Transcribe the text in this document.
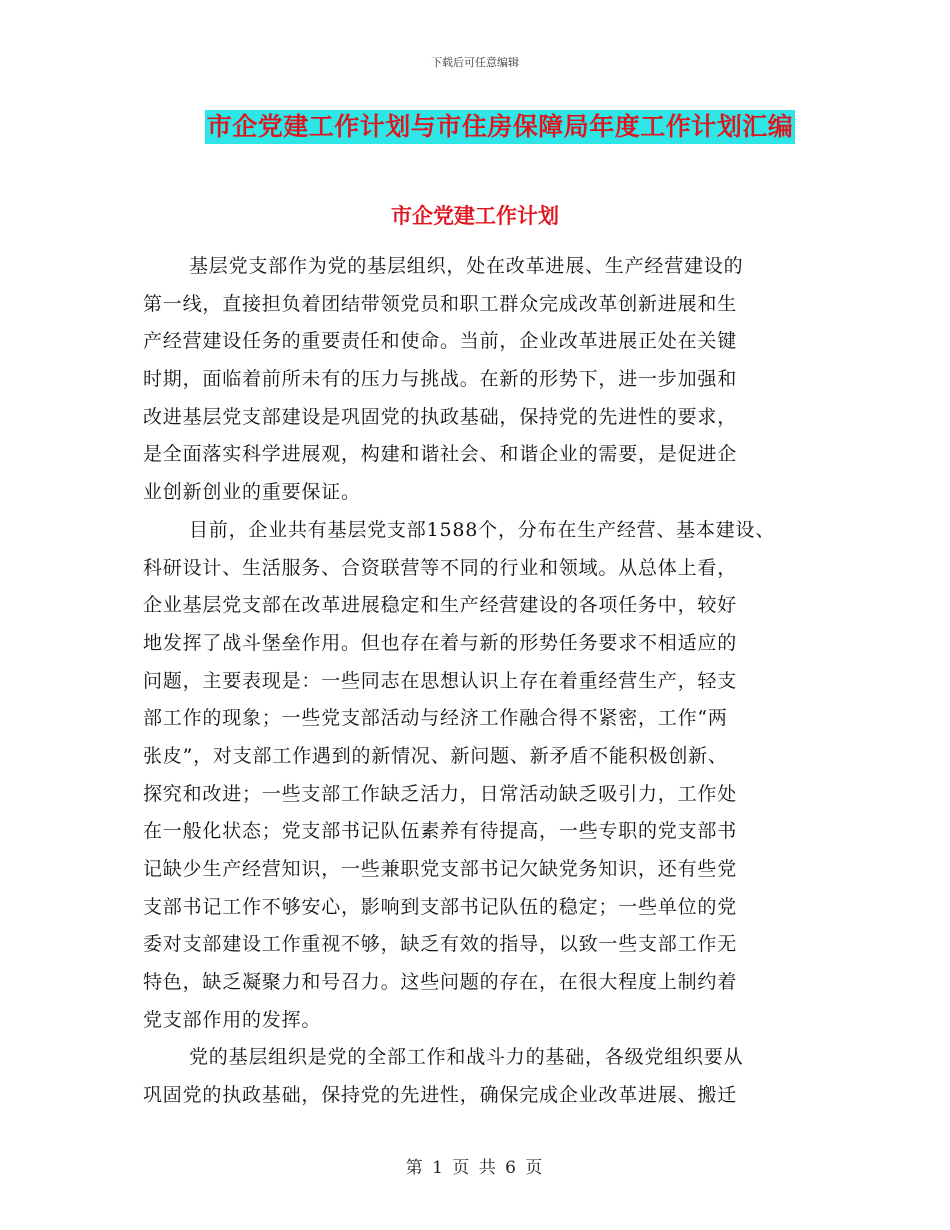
下载后可任意编辑
市企党建工作计划与市住房保障局年度工作计划汇编
市企党建工作计划
基层党支部作为党的基层组织，处在改革进展、生产经营建设的
第一线，直接担负着团结带领党员和职工群众完成改革创新进展和生
产经营建设任务的重要责任和使命。当前，企业改革进展正处在关键
时期，面临着前所未有的压力与挑战。在新的形势下，进一步加强和
改进基层党支部建设是巩固党的执政基础，保持党的先进性的要求，
是全面落实科学进展观，构建和谐社会、和谐企业的需要，是促进企
业创新创业的重要保证。
目前，企业共有基层党支部1588个，分布在生产经营、基本建设、
科研设计、生活服务、合资联营等不同的行业和领域。从总体上看，
企业基层党支部在改革进展稳定和生产经营建设的各项任务中，较好
地发挥了战斗堡垒作用。但也存在着与新的形势任务要求不相适应的
问题，主要表现是：一些同志在思想认识上存在着重经营生产，轻支
部工作的现象；一些党支部活动与经济工作融合得不紧密，工作“两
张皮”，对支部工作遇到的新情况、新问题、新矛盾不能积极创新、
探究和改进；一些支部工作缺乏活力，日常活动缺乏吸引力，工作处
在一般化状态；党支部书记队伍素养有待提高，一些专职的党支部书
记缺少生产经营知识，一些兼职党支部书记欠缺党务知识，还有些党
支部书记工作不够安心，影响到支部书记队伍的稳定；一些单位的党
委对支部建设工作重视不够，缺乏有效的指导，以致一些支部工作无
特色，缺乏凝聚力和号召力。这些问题的存在，在很大程度上制约着
党支部作用的发挥。
党的基层组织是党的全部工作和战斗力的基础，各级党组织要从
巩固党的执政基础，保持党的先进性，确保完成企业改革进展、搬迁
第 1 页 共 6 页
